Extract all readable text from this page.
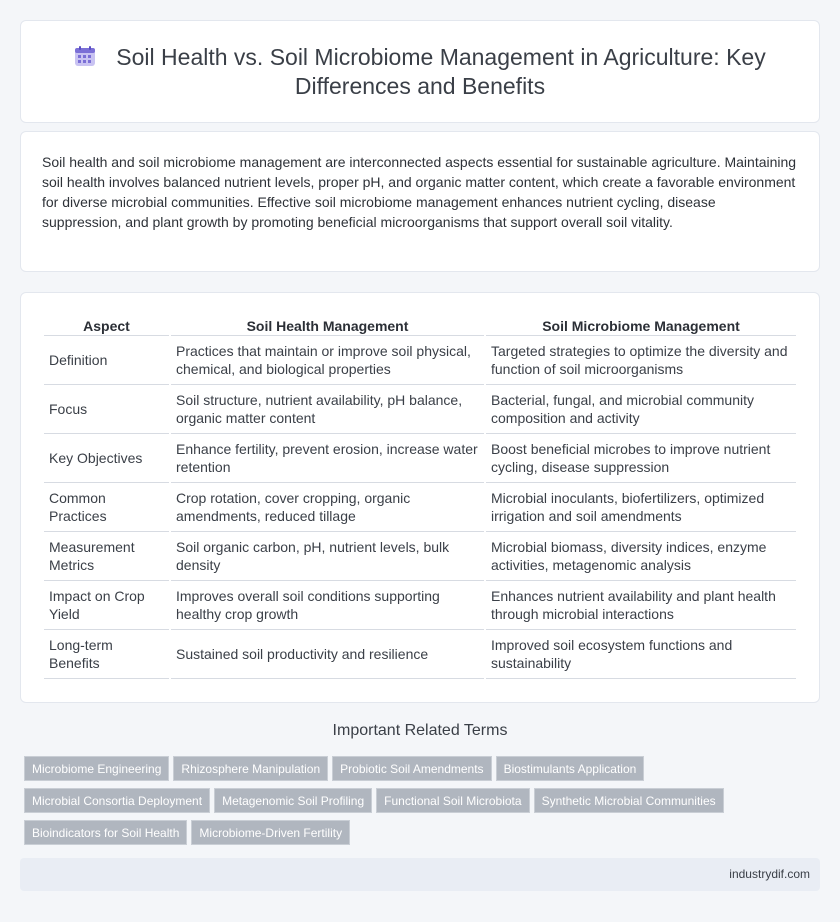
Soil Health vs. Soil Microbiome Management in Agriculture: Key Differences and Benefits

Soil health and soil microbiome management are interconnected aspects essential for sustainable agriculture. Maintaining soil health involves balanced nutrient levels, proper pH, and organic matter content, which create a favorable environment for diverse microbial communities. Effective soil microbiome management enhances nutrient cycling, disease suppression, and plant growth by promoting beneficial microorganisms that support overall soil vitality.

Aspect	Soil Health Management	Soil Microbiome Management
Definition	Practices that maintain or improve soil physical, chemical, and biological properties	Targeted strategies to optimize the diversity and function of soil microorganisms
Focus	Soil structure, nutrient availability, pH balance, organic matter content	Bacterial, fungal, and microbial community composition and activity
Key Objectives	Enhance fertility, prevent erosion, increase water retention	Boost beneficial microbes to improve nutrient cycling, disease suppression
Common Practices	Crop rotation, cover cropping, organic amendments, reduced tillage	Microbial inoculants, biofertilizers, optimized irrigation and soil amendments
Measurement Metrics	Soil organic carbon, pH, nutrient levels, bulk density	Microbial biomass, diversity indices, enzyme activities, metagenomic analysis
Impact on Crop Yield	Improves overall soil conditions supporting healthy crop growth	Enhances nutrient availability and plant health through microbial interactions
Long-term Benefits	Sustained soil productivity and resilience	Improved soil ecosystem functions and sustainability
Important Related Terms
Microbiome Engineering Rhizosphere Manipulation Probiotic Soil Amendments Biostimulants Application
Microbial Consortia Deployment Metagenomic Soil Profiling Functional Soil Microbiota Synthetic Microbial Communities
Bioindicators for Soil Health Microbiome-Driven Fertility
industrydif.com
